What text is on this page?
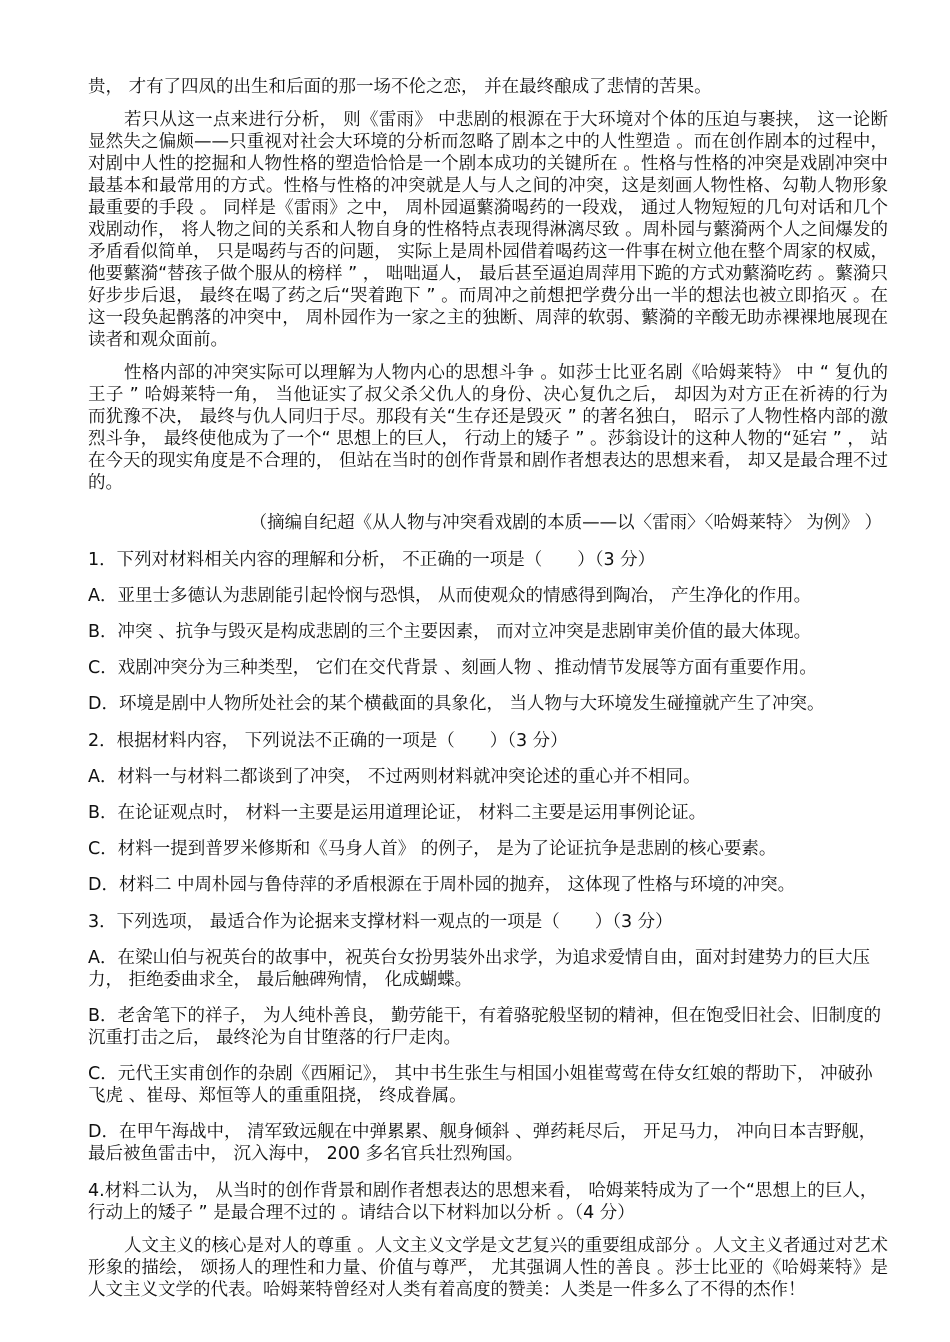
贵， 才有了四凤的出生和后面的那一场不伦之恋， 并在最终酿成了悲情的苦果。

若只从这一点来进行分析， 则《雷雨》 中悲剧的根源在于大环境对个体的压迫与裹挟， 这一论断显然失之偏颇——只重视对社会大环境的分析而忽略了剧本之中的人性塑造 。而在创作剧本的过程中， 对剧中人性的挖掘和人物性格的塑造恰恰是一个剧本成功的关键所在 。性格与性格的冲突是戏剧冲突中最基本和最常用的方式。性格与性格的冲突就是人与人之间的冲突，这是刻画人物性格、勾勒人物形象最重要的手段 。 同样是《雷雨》之中， 周朴园逼蘩漪喝药的一段戏， 通过人物短短的几句对话和几个戏剧动作， 将人物之间的关系和人物自身的性格特点表现得淋漓尽致 。周朴园与蘩漪两个人之间爆发的矛盾看似简单， 只是喝药与否的问题， 实际上是周朴园借着喝药这一件事在树立他在整个周家的权威， 他要蘩漪“替孩子做个服从的榜样 ” ， 咄咄逼人， 最后甚至逼迫周萍用下跪的方式劝蘩漪吃药 。蘩漪只好步步后退， 最终在喝了药之后“哭着跑下 ” 。而周冲之前想把学费分出一半的想法也被立即掐灭 。在这一段奂起鹘落的冲突中， 周朴园作为一家之主的独断、周萍的软弱、蘩漪的辛酸无助赤裸裸地展现在读者和观众面前。

性格内部的冲突实际可以理解为人物内心的思想斗争 。如莎士比亚名剧《哈姆莱特》 中 “ 复仇的王子 ” 哈姆莱特一角， 当他证实了叔父杀父仇人的身份、决心复仇之后， 却因为对方正在祈祷的行为而犹豫不决， 最终与仇人同归于尽。那段有关“生存还是毁灭 ” 的著名独白， 昭示了人物性格内部的激烈斗争， 最终使他成为了一个“ 思想上的巨人， 行动上的矮子 ” 。莎翁设计的这种人物的“延宕 ” ， 站在今天的现实角度是不合理的， 但站在当时的创作背景和剧作者想表达的思想来看， 却又是最合理不过的。

（摘编自纪超《从人物与冲突看戏剧的本质——以〈雷雨〉〈哈姆莱特〉 为例》 ）
1．下列对材料相关内容的理解和分析， 不正确的一项是（　　）（3 分）
A．亚里士多德认为悲剧能引起怜悯与恐惧， 从而使观众的情感得到陶冶， 产生净化的作用。
B．冲突 、抗争与毁灭是构成悲剧的三个主要因素， 而对立冲突是悲剧审美价值的最大体现。
C．戏剧冲突分为三种类型， 它们在交代背景 、刻画人物 、推动情节发展等方面有重要作用。
D．环境是剧中人物所处社会的某个横截面的具象化， 当人物与大环境发生碰撞就产生了冲突。
2．根据材料内容， 下列说法不正确的一项是（　　）（3 分）
A．材料一与材料二都谈到了冲突， 不过两则材料就冲突论述的重心并不相同。
B．在论证观点时， 材料一主要是运用道理论证， 材料二主要是运用事例论证。
C．材料一提到普罗米修斯和《马身人首》 的例子， 是为了论证抗争是悲剧的核心要素。
D．材料二 中周朴园与鲁侍萍的矛盾根源在于周朴园的抛弃， 这体现了性格与环境的冲突。
3．下列选项， 最适合作为论据来支撑材料一观点的一项是（　　）（3 分）
A．在梁山伯与祝英台的故事中，祝英台女扮男装外出求学，为追求爱情自由，面对封建势力的巨大压力， 拒绝委曲求全， 最后触碑殉情， 化成蝴蝶。
B．老舍笔下的祥子， 为人纯朴善良， 勤劳能干，有着骆驼般坚韧的精神，但在饱受旧社会、旧制度的沉重打击之后， 最终沦为自甘堕落的行尸走肉。
C．元代王实甫创作的杂剧《西厢记》， 其中书生张生与相国小姐崔莺莺在侍女红娘的帮助下， 冲破孙飞虎 、崔母、郑恒等人的重重阻挠， 终成眷属。
D．在甲午海战中， 清军致远舰在中弹累累、舰身倾斜 、弹药耗尽后， 开足马力， 冲向日本吉野舰， 最后被鱼雷击中， 沉入海中， 200 多名官兵壮烈殉国。
4.材料二认为， 从当时的创作背景和剧作者想表达的思想来看， 哈姆莱特成为了一个“思想上的巨人， 行动上的矮子 ” 是最合理不过的 。请结合以下材料加以分析 。（4 分）

人文主义的核心是对人的尊重 。人文主义文学是文艺复兴的重要组成部分 。人文主义者通过对艺术形象的描绘， 颂扬人的理性和力量、价值与尊严， 尤其强调人性的善良 。莎士比亚的《哈姆莱特》是人文主义文学的代表。哈姆莱特曾经对人类有着高度的赞美：人类是一件多么了不得的杰作！
